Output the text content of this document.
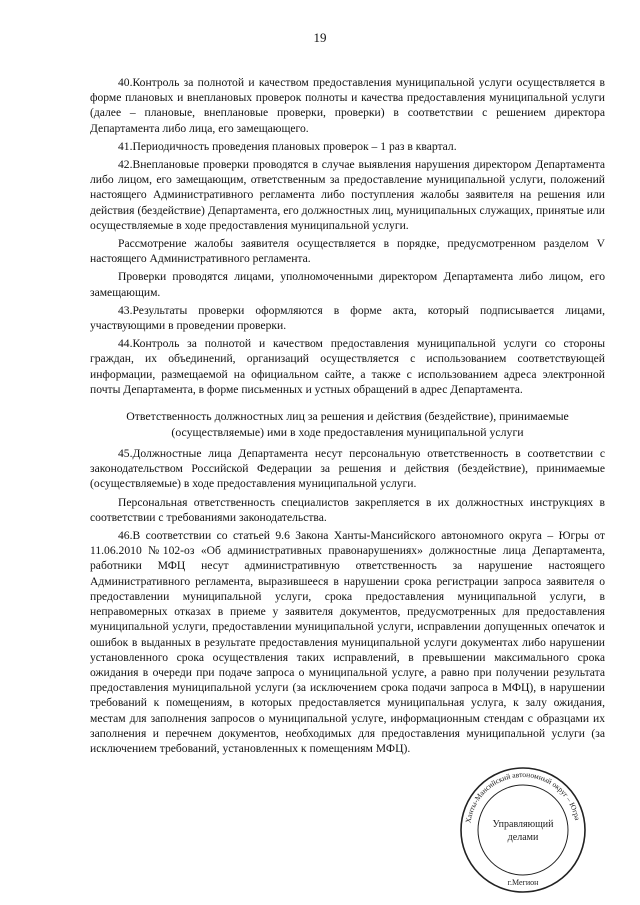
19

40.Контроль за полнотой и качеством предоставления муниципальной услуги осуществляется в форме плановых и внеплановых проверок полноты и качества предоставления муниципальной услуги (далее – плановые, внеплановые проверки, проверки) в соответствии с решением директора Департамента либо лица, его замещающего.

41.Периодичность проведения плановых проверок – 1 раз в квартал.

42.Внеплановые проверки проводятся в случае выявления нарушения директором Департамента либо лицом, его замещающим, ответственным за предоставление муниципальной услуги, положений настоящего Административного регламента либо поступления жалобы заявителя на решения или действия (бездействие) Департамента, его должностных лиц, муниципальных служащих, принятые или осуществляемые в ходе предоставления муниципальной услуги.

Рассмотрение жалобы заявителя осуществляется в порядке, предусмотренном разделом V настоящего Административного регламента.

Проверки проводятся лицами, уполномоченными директором Департамента либо лицом, его замещающим.

43.Результаты проверки оформляются в форме акта, который подписывается лицами, участвующими в проведении проверки.

44.Контроль за полнотой и качеством предоставления муниципальной услуги со стороны граждан, их объединений, организаций осуществляется с использованием соответствующей информации, размещаемой на официальном сайте, а также с использованием адреса электронной почты Департамента, в форме письменных и устных обращений в адрес Департамента.

Ответственность должностных лиц за решения и действия (бездействие), принимаемые (осуществляемые) ими в ходе предоставления муниципальной услуги

45.Должностные лица Департамента несут персональную ответственность в соответствии с законодательством Российской Федерации за решения и действия (бездействие), принимаемые (осуществляемые) в ходе предоставления муниципальной услуги.

Персональная ответственность специалистов закрепляется в их должностных инструкциях в соответствии с требованиями законодательства.

46.В соответствии со статьей 9.6 Закона Ханты-Мансийского автономного округа – Югры от 11.06.2010 №102-оз «Об административных правонарушениях» должностные лица Департамента, работники МФЦ несут административную ответственность за нарушение настоящего Административного регламента, выразившееся в нарушении срока регистрации запроса заявителя о предоставлении муниципальной услуги, срока предоставления муниципальной услуги, в неправомерных отказах в приеме у заявителя документов, предусмотренных для предоставления муниципальной услуги, предоставлении муниципальной услуги, исправлении допущенных опечаток и ошибок в выданных в результате предоставления муниципальной услуги документах либо нарушении установленного срока осуществления таких исправлений, в превышении максимального срока ожидания в очереди при подаче запроса о муниципальной услуге, а равно при получении результата предоставления муниципальной услуги (за исключением срока подачи запроса в МФЦ), в нарушении требований к помещениям, в которых предоставляется муниципальная услуга, к залу ожидания, местам для заполнения запросов о муниципальной услуге, информационным стендам с образцами их заполнения и перечнем документов, необходимых для предоставления муниципальной услуги (за исключением требований, установленных к помещениям МФЦ).

Ханты-Мансийский автономный округ – Югра
Управляющий
делами
г.Мегион
